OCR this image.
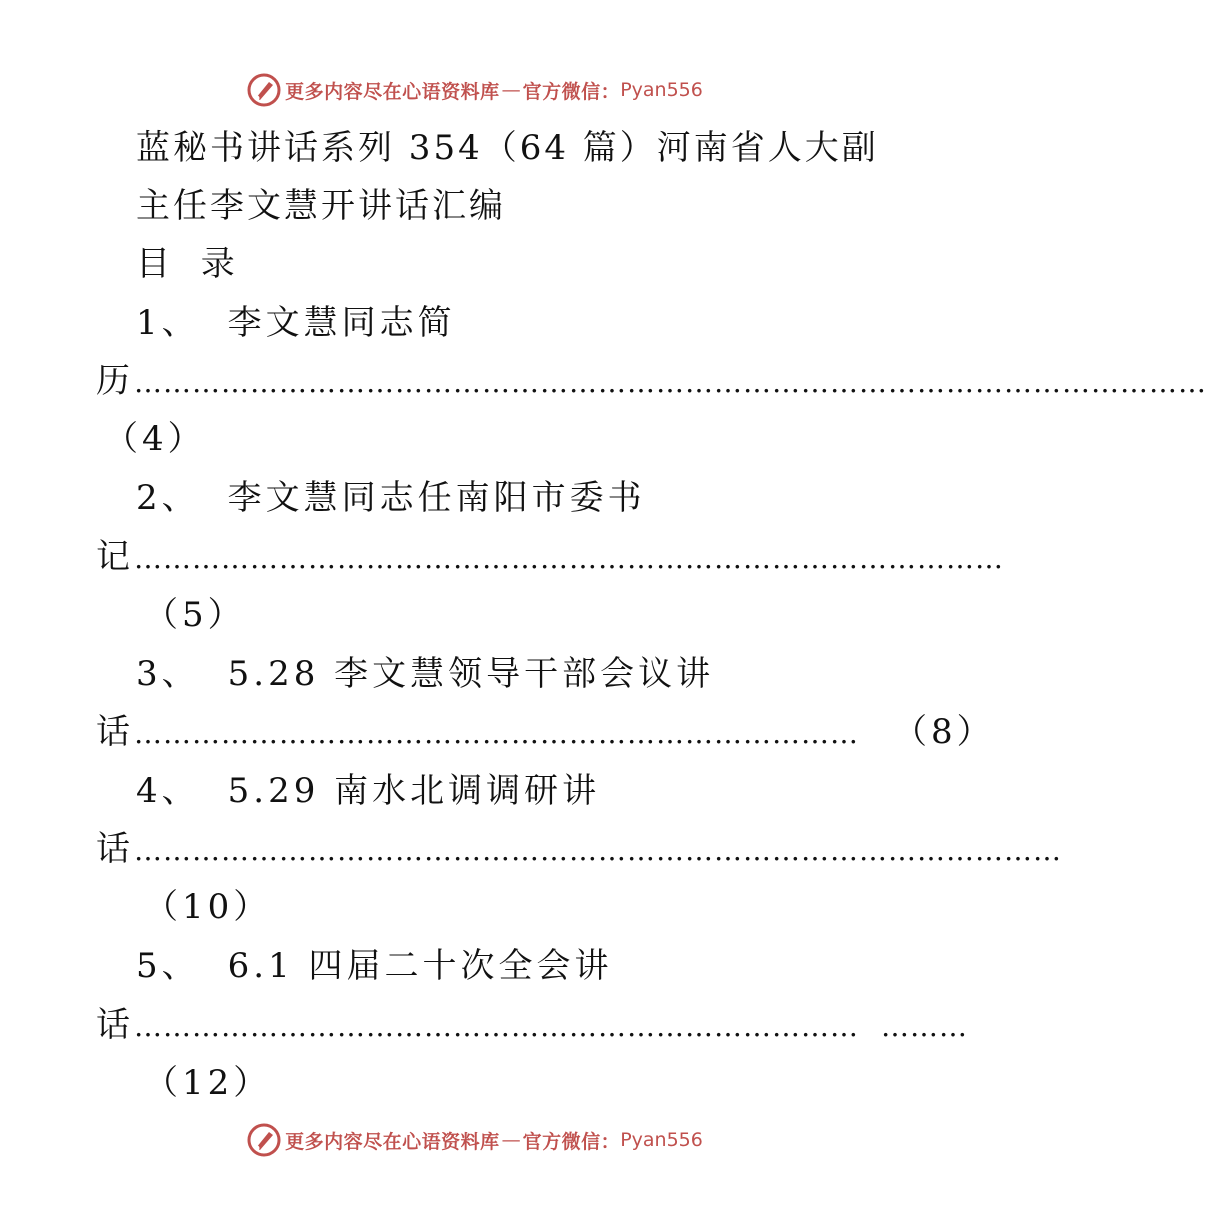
更多内容尽在心语资料库 — 官方微信： Pyan556
蓝秘书讲话系列 354（64 篇）河南省人大副
主任李文慧开讲话汇编
目 录
1、 李文慧同志简
历…………………………………………………………………………………………………
（4）
2、 李文慧同志任南阳市委书
记………………………………………………………………………………
（5）
3、 5.28 李文慧领导干部会议讲
话………………………………………………………………… （8）
4、 5.29 南水北调调研讲
话……………………………………………………………………………………
（10）
5、 6.1 四届二十次全会讲
话………………………………………………………………… ………
（12）
更多内容尽在心语资料库 — 官方微信： Pyan556
